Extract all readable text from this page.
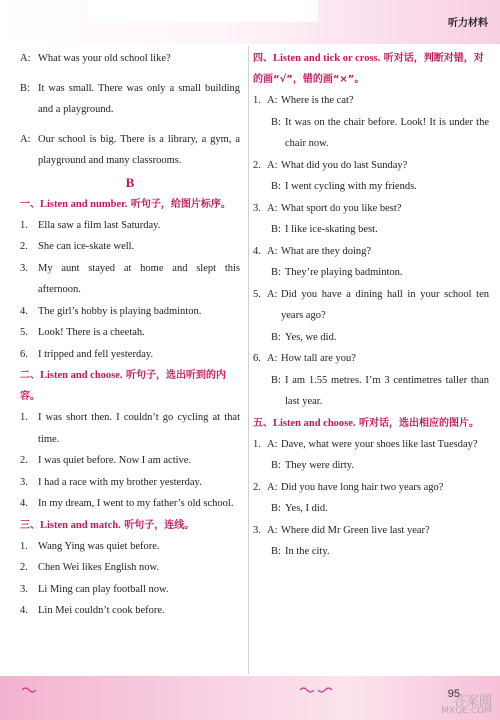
听力材料
A: What was your old school like?
B: It was small. There was only a small building and a playground.
A: Our school is big. There is a library, a gym, a playground and many classrooms.
B
一、Listen and number. 听句子，给图片标序。
1. Ella saw a film last Saturday.
2. She can ice-skate well.
3. My aunt stayed at home and slept this afternoon.
4. The girl’s hobby is playing badminton.
5. Look! There is a cheetah.
6. I tripped and fell yesterday.
二、Listen and choose. 听句子，选出听到的内容。
1. I was short then. I couldn’t go cycling at that time.
2. I was quiet before. Now I am active.
3. I had a race with my brother yesterday.
4. In my dream, I went to my father’s old school.
三、Listen and match. 听句子，连线。
1. Wang Ying was quiet before.
2. Chen Wei likes English now.
3. Li Ming can play football now.
4. Lin Mei couldn’t cook before.
四、Listen and tick or cross. 听对话，判断对错，对的画“√”，错的画“×”。
1. A: Where is the cat?
B: It was on the chair before. Look! It is under the chair now.
2. A: What did you do last Sunday?
B: I went cycling with my friends.
3. A: What sport do you like best?
B: I like ice-skating best.
4. A: What are they doing?
B: They’re playing badminton.
5. A: Did you have a dining hall in your school ten years ago?
B: Yes, we did.
6. A: How tall are you?
B: I am 1.55 metres. I’m 3 centimetres taller than last year.
五、Listen and choose. 听对话，选出相应的图片。
1. A: Dave, what were your shoes like last Tuesday?
B: They were dirty.
2. A: Did you have long hair two years ago?
B: Yes, I did.
3. A: Where did Mr Green live last year?
B: In the city.
95
答案圈
MXQE.COM
